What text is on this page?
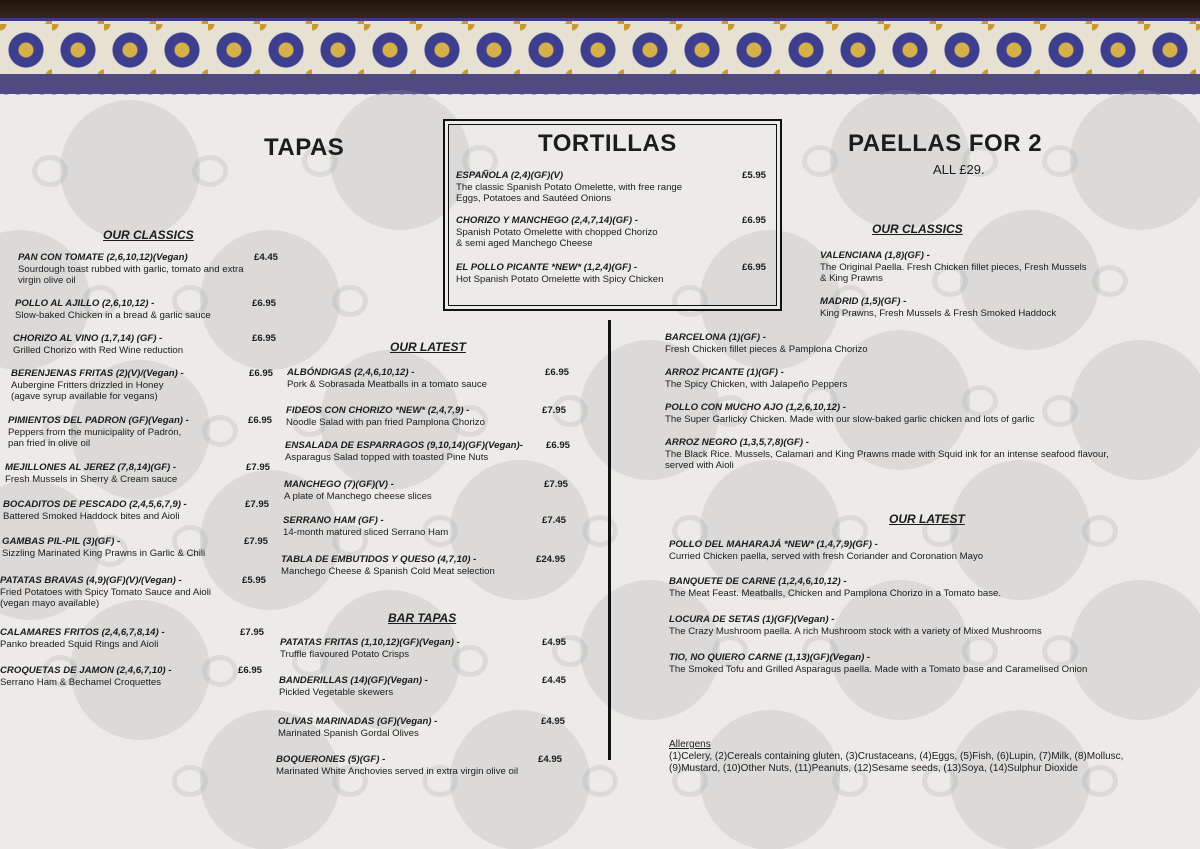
TAPAS
OUR CLASSICS
PAN CON TOMATE (2,6,10,12)(Vegan)	£4.45
Sourdough toast rubbed with garlic, tomato and extra
virgin olive oil
POLLO AL AJILLO (2,6,10,12) -	£6.95
Slow-baked Chicken in a bread & garlic sauce
CHORIZO AL VINO (1,7,14) (GF) -	£6.95
Grilled Chorizo with Red Wine reduction
BERENJENAS FRITAS (2)(V)/(Vegan) -	£6.95
Aubergine Fritters drizzled in Honey
(agave syrup available for vegans)
PIMIENTOS DEL PADRON (GF)(Vegan) -	£6.95
Peppers from the municipality of Padrón,
pan fried in olive oil
MEJILLONES AL JEREZ (7,8,14)(GF) -	£7.95
Fresh Mussels in Sherry & Cream sauce
BOCADITOS DE PESCADO (2,4,5,6,7,9) -	£7.95
Battered Smoked Haddock bites and Aioli
GAMBAS PIL-PIL (3)(GF) -	£7.95
Sizzling Marinated King Prawns in Garlic & Chili
PATATAS BRAVAS (4,9)(GF)(V)/(Vegan) -	£5.95
Fried Potatoes with Spicy Tomato Sauce and Aioli
(vegan mayo available)
CALAMARES FRITOS (2,4,6,7,8,14) -	£7.95
Panko breaded Squid Rings and Aioli
CROQUETAS DE JAMON (2,4,6,7,10) -	£6.95
Serrano Ham & Bechamel Croquettes
OUR LATEST
ALBÓNDIGAS (2,4,6,10,12) -	£6.95
Pork & Sobrasada Meatballs in a tomato sauce
FIDEOS CON CHORIZO *NEW* (2,4,7,9) -	£7.95
Noodle Salad with pan fried Pamplona Chorizo
ENSALADA DE ESPARRAGOS (9,10,14)(GF)(Vegan)- £6.95
Asparagus Salad topped with toasted Pine Nuts
MANCHEGO (7)(GF)(V) -	£7.95
A plate of Manchego cheese slices
SERRANO HAM (GF) -	£7.45
14-month matured sliced Serrano Ham
TABLA DE EMBUTIDOS Y QUESO (4,7,10) -	£24.95
Manchego Cheese & Spanish Cold Meat selection
BAR TAPAS
PATATAS FRITAS (1,10,12)(GF)(Vegan) -	£4.95
Truffle flavoured Potato Crisps
BANDERILLAS (14)(GF)(Vegan) -	£4.45
Pickled Vegetable skewers
OLIVAS MARINADAS (GF)(Vegan) -	£4.95
Marinated Spanish Gordal Olives
BOQUERONES (5)(GF) -	£4.95
Marinated White Anchovies served in extra virgin olive oil
TORTILLAS
ESPAÑOLA (2,4)(GF)(V)	£5.95
The classic Spanish Potato Omelette, with free range
Eggs, Potatoes and Sautéed Onions
CHORIZO Y MANCHEGO (2,4,7,14)(GF) -	£6.95
Spanish Potato Omelette with chopped Chorizo
& semi aged Manchego Cheese
EL POLLO PICANTE *NEW* (1,2,4)(GF) -	£6.95
Hot Spanish Potato Omelette with Spicy Chicken
PAELLAS FOR 2
ALL £29.
OUR CLASSICS
VALENCIANA (1,8)(GF) -
The Original Paella. Fresh Chicken fillet pieces, Fresh Mussels
& King Prawns
MADRID (1,5)(GF) -
King Prawns, Fresh Mussels & Fresh Smoked Haddock
BARCELONA (1)(GF) -
Fresh Chicken fillet pieces & Pamplona Chorizo
ARROZ PICANTE (1)(GF) -
The Spicy Chicken, with Jalapeño Peppers
POLLO CON MUCHO AJO (1,2,6,10,12) -
The Super Garlicky Chicken. Made with our slow-baked garlic chicken and lots of garlic
ARROZ NEGRO (1,3,5,7,8)(GF) -
The Black Rice. Mussels, Calamari and King Prawns made with Squid ink for an intense seafood flavour,
served with Aioli
OUR LATEST
POLLO DEL MAHARAJÁ *NEW* (1,4,7,9)(GF) -
Curried Chicken paella, served with fresh Coriander and Coronation Mayo
BANQUETE DE CARNE (1,2,4,6,10,12) -
The Meat Feast. Meatballs, Chicken and Pamplona Chorizo in a Tomato base.
LOCURA DE SETAS (1)(GF)(Vegan) -
The Crazy Mushroom paella. A rich Mushroom stock with a variety of Mixed Mushrooms
TIO, NO QUIERO CARNE (1,13)(GF)(Vegan) -
The Smoked Tofu and Grilled Asparagus paella. Made with a Tomato base and Caramelised Onion
Allergens
(1)Celery, (2)Cereals containing gluten, (3)Crustaceans, (4)Eggs, (5)Fish, (6)Lupin, (7)Milk, (8)Mollusc,
(9)Mustard, (10)Other Nuts, (11)Peanuts, (12)Sesame seeds, (13)Soya, (14)Sulphur Dioxide
